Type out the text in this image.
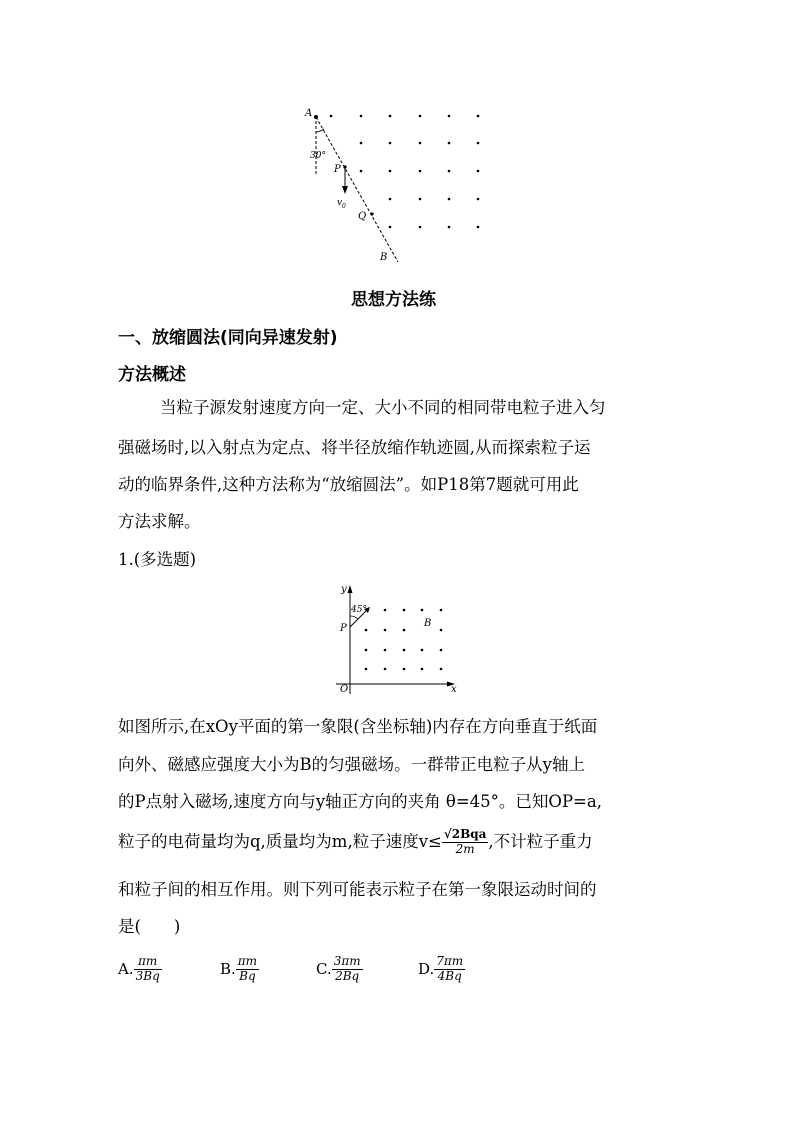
A
30°
P
v 0
Q
B
思想方法练
一、放缩圆法(同向异速发射)
方法概述
当粒子源发射速度方向一定、大小不同的相同带电粒子进入匀
强磁场时,以入射点为定点、将半径放缩作轨迹圆,从而探索粒子运
动的临界条件,这种方法称为“放缩圆法”。如P18第7题就可用此
方法求解。
1.(多选题)
y
45°
P	B
O	x
如图所示,在xOy平面的第一象限(含坐标轴)内存在方向垂直于纸面
向外、磁感应强度大小为B的匀强磁场。一群带正电粒子从y轴上
的P点射入磁场,速度方向与y轴正方向的夹角 θ=45°。已知OP=a,
粒子的电荷量均为q,质量均为m,粒子速度$v\le \frac{\text{√2Bqa}}{2m}$ ,不计粒子重力
和粒子间的相互作用。则下列可能表示粒子在第一象限运动时间的
是(　　)
A. $\frac{\pi m}{3Bq}$	B. $\frac{\pi m}{Bq}$	C. $\frac{3\pi m}{2Bq}$	D. $\frac{7\pi m}{4Bq}$
